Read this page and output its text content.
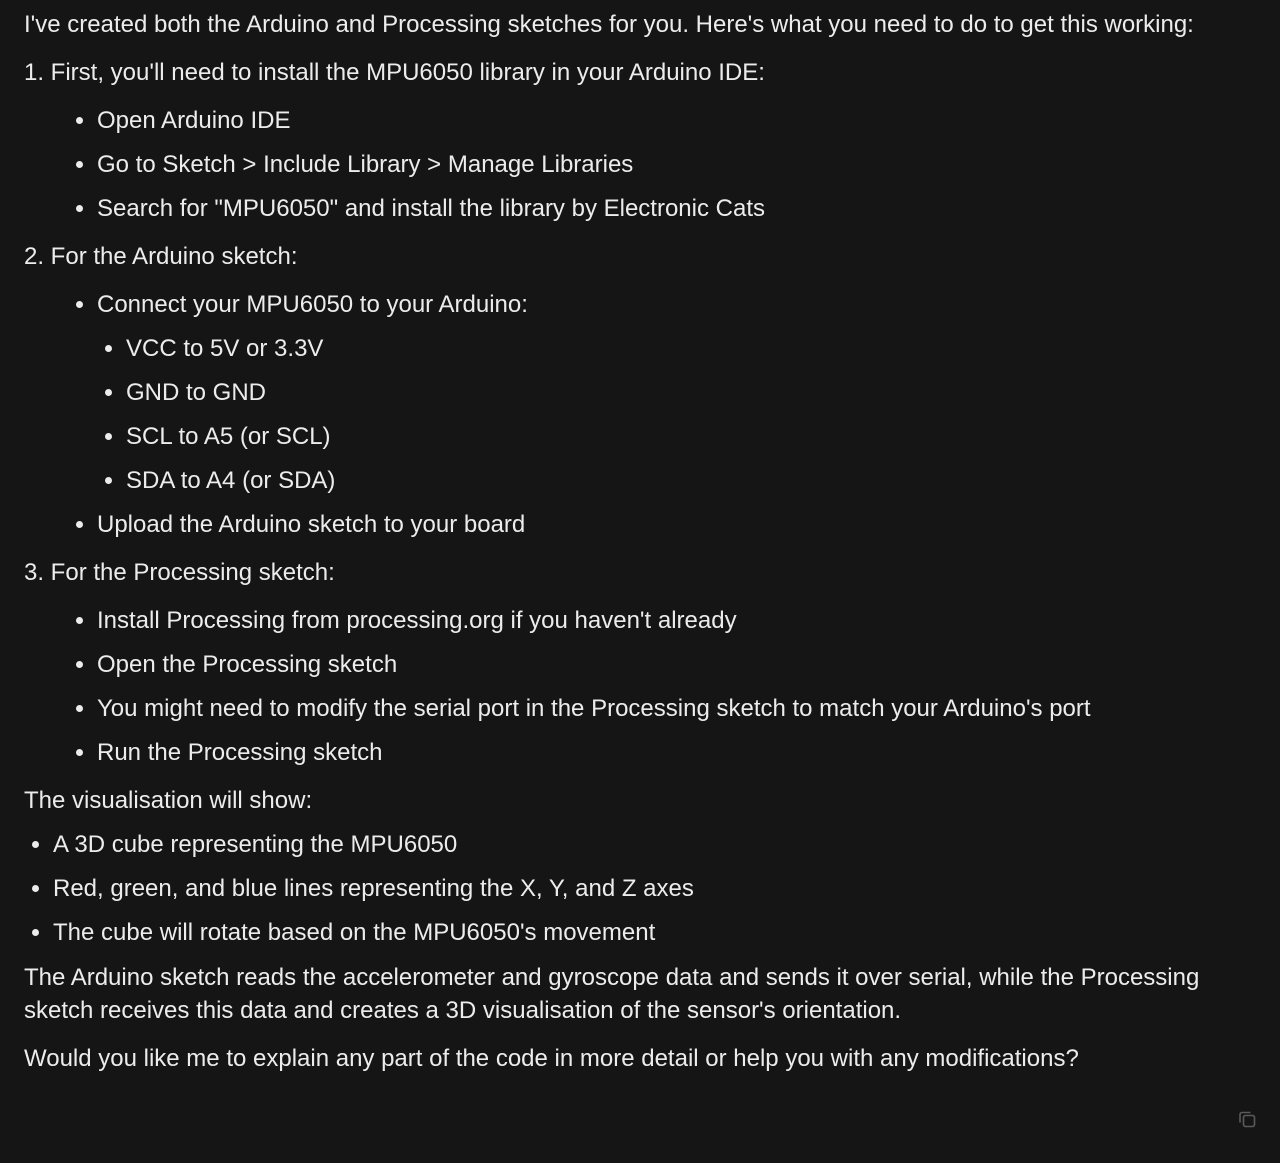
I've created both the Arduino and Processing sketches for you. Here's what you need to do to get this working:

1. First, you'll need to install the MPU6050 library in your Arduino IDE:
Open Arduino IDE
Go to Sketch > Include Library > Manage Libraries
Search for "MPU6050" and install the library by Electronic Cats
2. For the Arduino sketch:
Connect your MPU6050 to your Arduino:
VCC to 5V or 3.3V
GND to GND
SCL to A5 (or SCL)
SDA to A4 (or SDA)
Upload the Arduino sketch to your board
3. For the Processing sketch:
Install Processing from processing.org if you haven't already
Open the Processing sketch
You might need to modify the serial port in the Processing sketch to match your Arduino's port
Run the Processing sketch

The visualisation will show:

A 3D cube representing the MPU6050
Red, green, and blue lines representing the X, Y, and Z axes
The cube will rotate based on the MPU6050's movement

The Arduino sketch reads the accelerometer and gyroscope data and sends it over serial, while the Processing sketch receives this data and creates a 3D visualisation of the sensor's orientation.

Would you like me to explain any part of the code in more detail or help you with any modifications?
